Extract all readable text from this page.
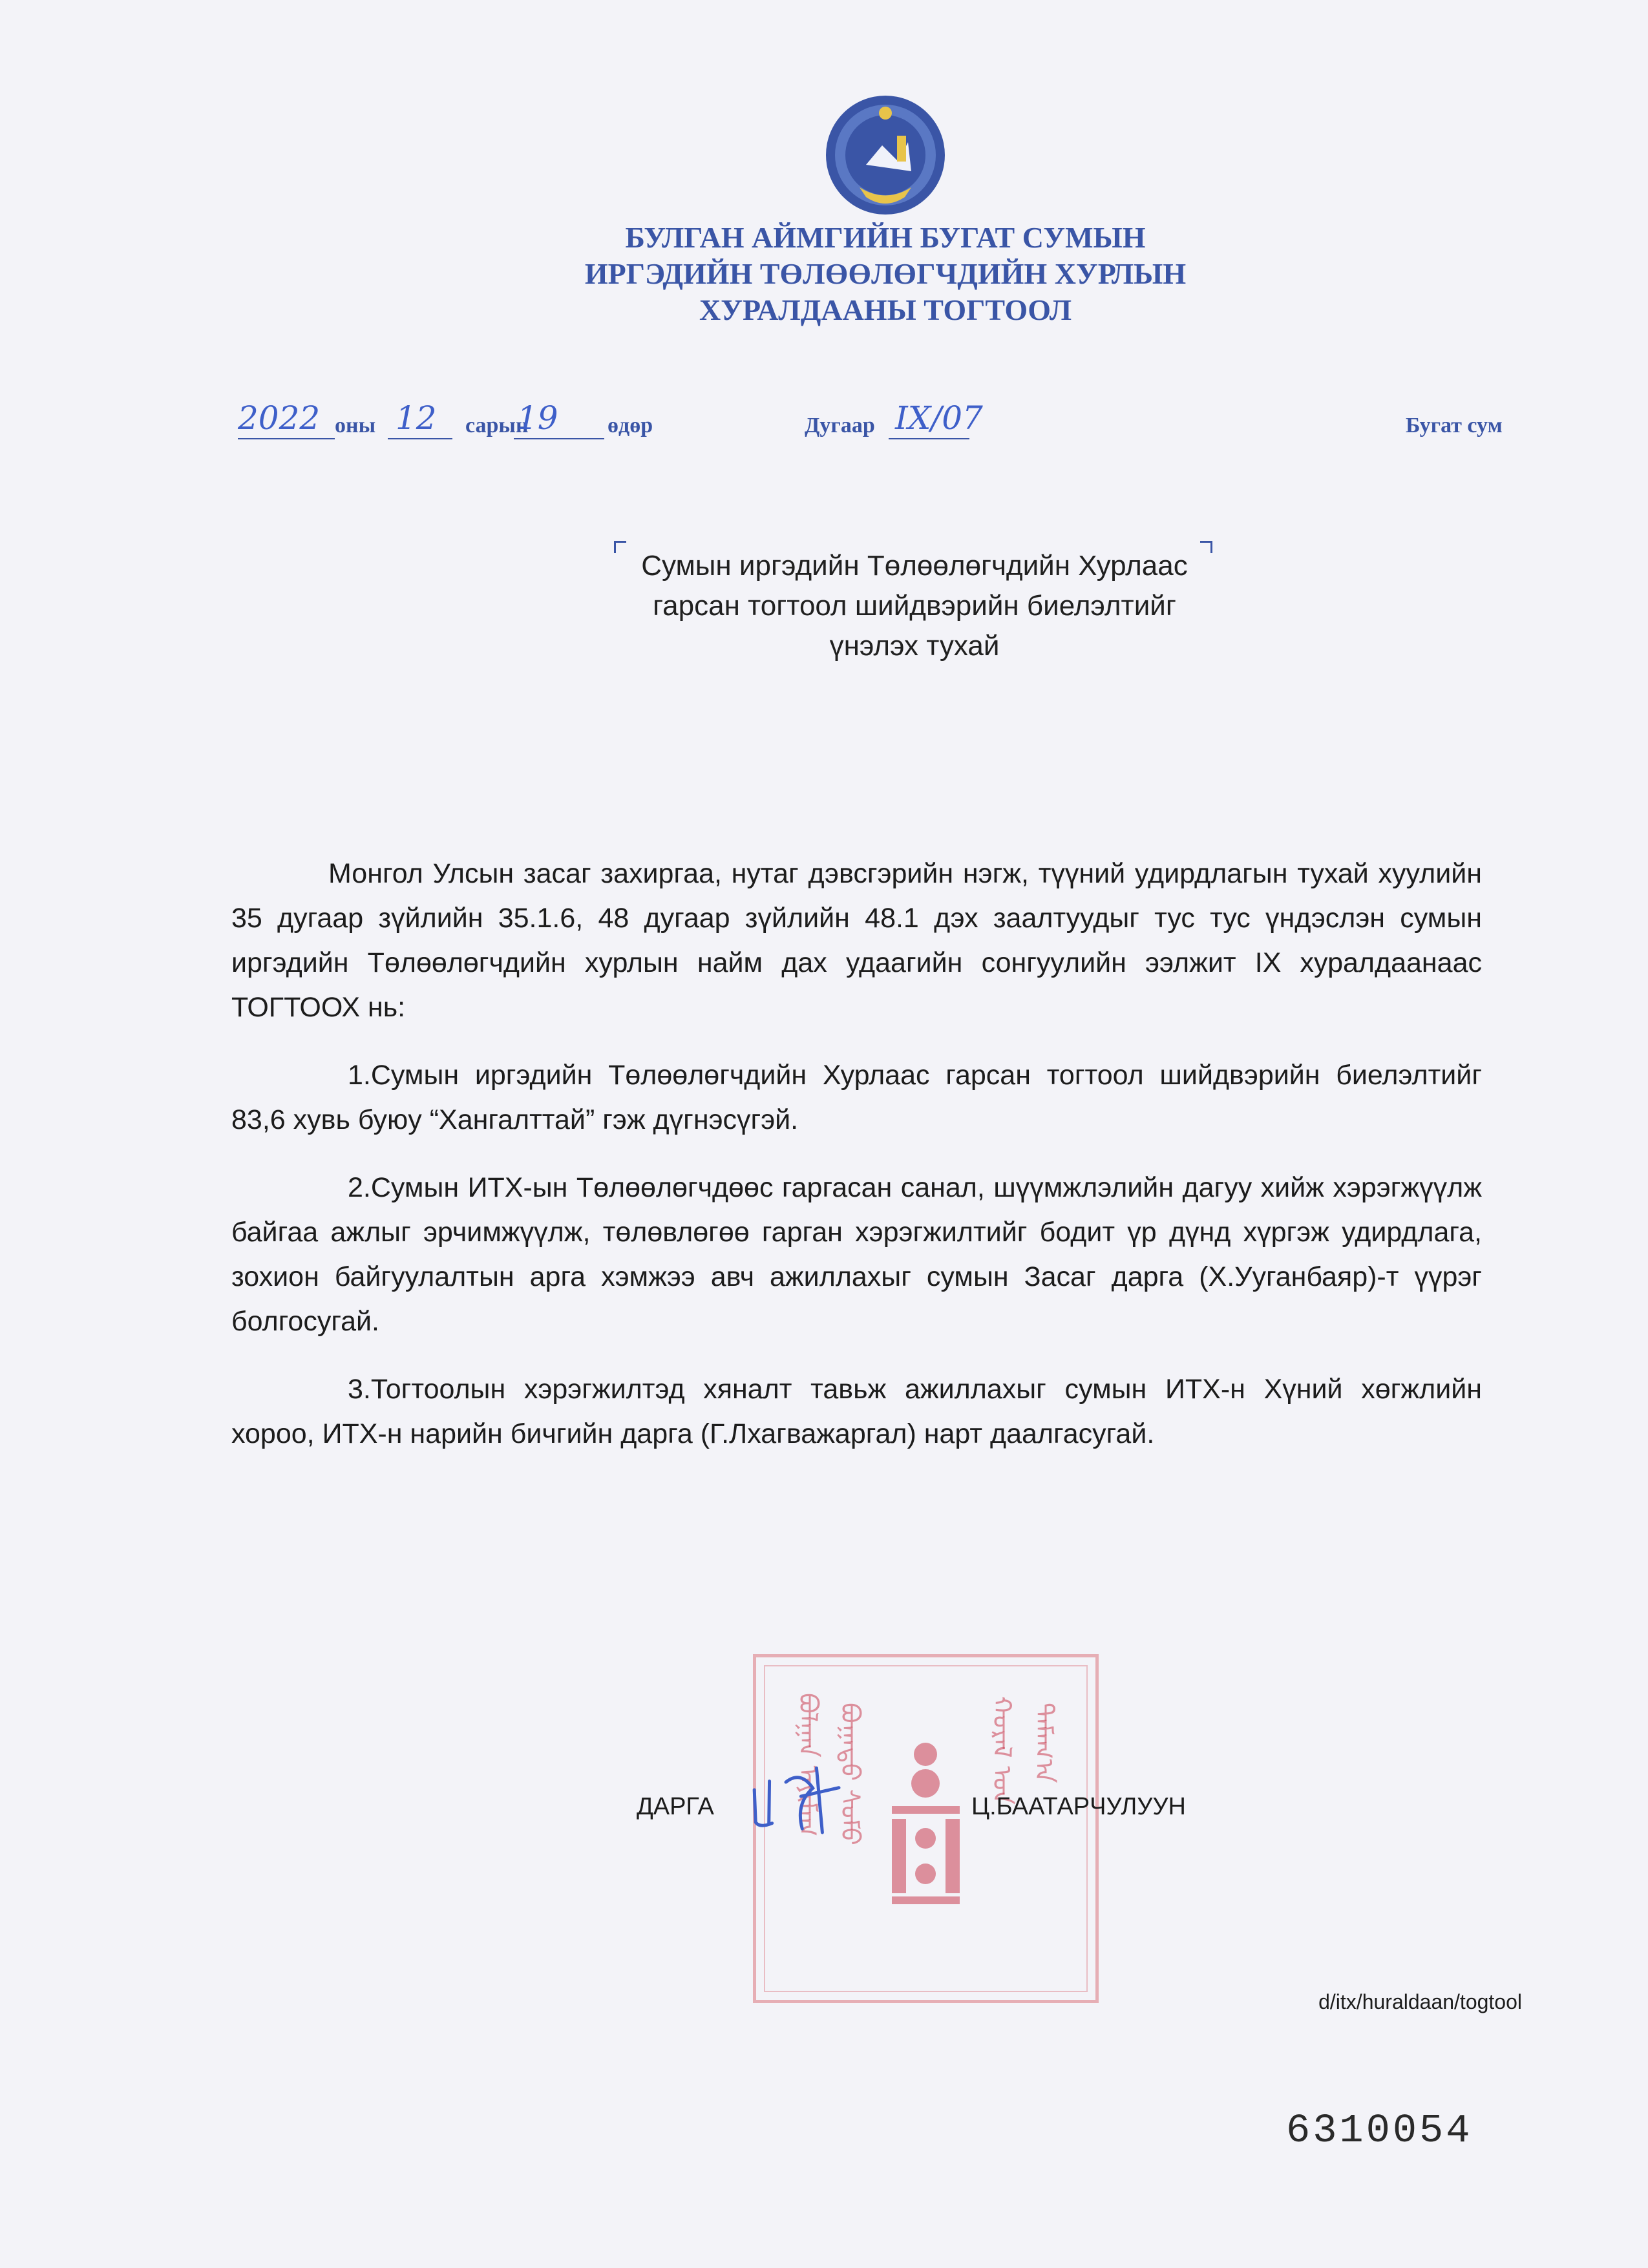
БУЛГАН АЙМГИЙН БУГАТ СУМЫН
ИРГЭДИЙН ТӨЛӨӨЛӨГЧДИЙН ХУРЛЫН
ХУРАЛДААНЫ ТОГТООЛ
2022 оны 12 сарын
19 өдөр	Дугаар IX/07	Бугат сум
Сумын иргэдийн Төлөөлөгчдийн Хурлаас
гарсан тогтоол шийдвэрийн биелэлтийг
үнэлэх тухай

Монгол Улсын засаг захиргаа, нутаг дэвсгэрийн нэгж, түүний удирдлагын тухай хуулийн 35 дугаар зүйлийн 35.1.6, 48 дугаар зүйлийн 48.1 дэх заалтуудыг тус тус үндэслэн сумын иргэдийн Төлөөлөгчдийн хурлын найм дах удаагийн сонгуулийн ээлжит IX хуралдаанаас ТОГТООХ нь:

1.Сумын иргэдийн Төлөөлөгчдийн Хурлаас гарсан тогтоол шийдвэрийн биелэлтийг 83,6 хувь буюу “Хангалттай” гэж дүгнэсүгэй.

2.Сумын ИТХ-ын Төлөөлөгчдөөс гаргасан санал, шүүмжлэлийн дагуу хийж хэрэгжүүлж байгаа ажлыг эрчимжүүлж, төлөвлөгөө гарган хэрэгжилтийг бодит үр дүнд хүргэж удирдлага, зохион байгуулалтын арга хэмжээ авч ажиллахыг сумын Засаг дарга (Х.Ууганбаяр)-т үүрэг болгосугай.

3.Тогтоолын хэрэгжилтэд хяналт тавьж ажиллахыг сумын ИТХ-н Хүний хөгжлийн хороо, ИТХ-н нарийн бичгийн дарга (Г.Лхагважаргал) нарт даалгасугай.

ᠪᠤᠯᠭᠠᠨ ᠠᠶᠢᠮᠠᠭ ᠪᠤᠭᠠᠲᠤ ᠰᠤᠮᠤ	ᠬᠤᠷᠠᠯ ᠤᠨ ᠲᠠᠮᠠᠭ᠎ᠠ
ДАРГА	Ц.БААТАРЧУЛУУН
d/itx/huraldaan/togtool
6310054
